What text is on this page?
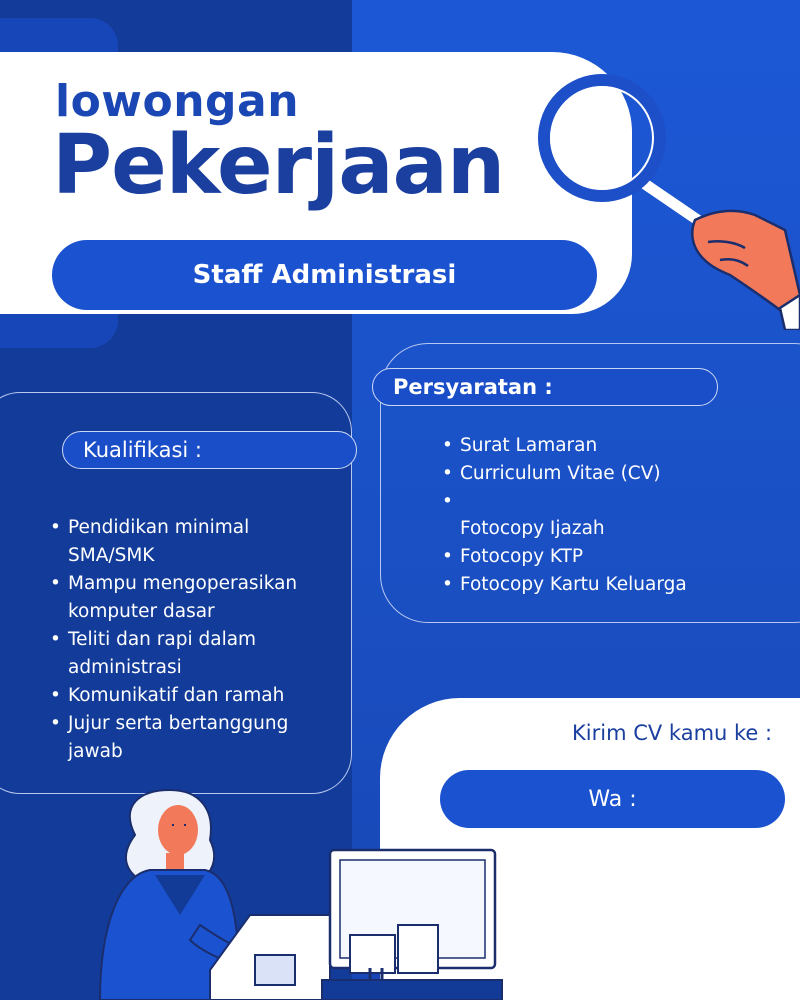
lowongan
Pekerjaan
Staff Administrasi
Kualifikasi :
• Pendidikan minimal SMA/SMK
• Mampu mengoperasikan komputer dasar
• Teliti dan rapi dalam administrasi
• Komunikatif dan ramah
• Jujur serta bertanggung jawab
Persyaratan :
• Surat Lamaran
• Curriculum Vitae (CV)
•
Fotocopy Ijazah
• Fotocopy KTP
• Fotocopy Kartu Keluarga

Kirim CV kamu ke :

Wa :
